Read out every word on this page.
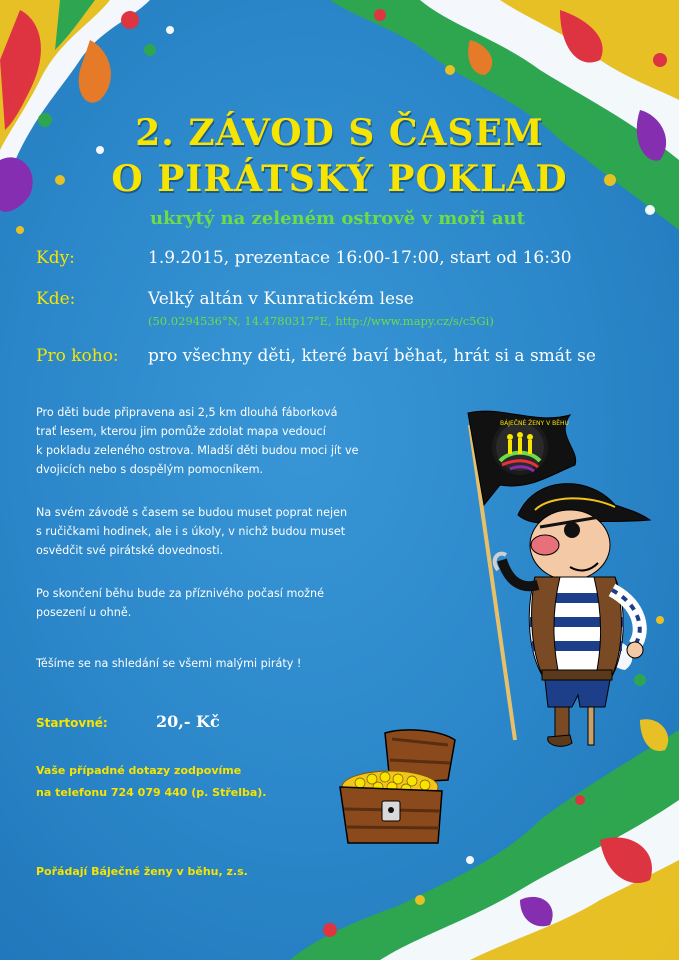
2. ZÁVOD S ČASEM
O PIRÁTSKÝ POKLAD
ukrytý na zeleném ostrově v moři aut
Kdy:	1.9.2015, prezentace 16:00-17:00, start od 16:30
Kde:	Velký altán v Kunratickém lese
(50.0294536°N, 14.4780317°E, http://www.mapy.cz/s/c5Gi)
Pro koho: pro všechny děti, které baví běhat, hrát si a smát se
Pro děti bude připravena asi 2,5 km dlouhá fáborková
trať lesem, kterou jim pomůže zdolat mapa vedoucí
k pokladu zeleného ostrova. Mladší děti budou moci jít ve
dvojicích nebo s dospělým pomocníkem.
Na svém závodě s časem se budou muset poprat nejen
s ručičkami hodinek, ale i s úkoly, v nichž budou muset
osvědčit své pirátské dovednosti.
Po skončení běhu bude za příznivého počasí možné
posezení u ohně.
Těšíme se na shledání se všemi malými piráty !
Startovné:	20,- Kč
Vaše případné dotazy zodpovíme
na telefonu 724 079 440 (p. Střelba).
Pořádají Báječné ženy v běhu, z.s.
BÁJEČNÉ ŽENY V BĚHU
